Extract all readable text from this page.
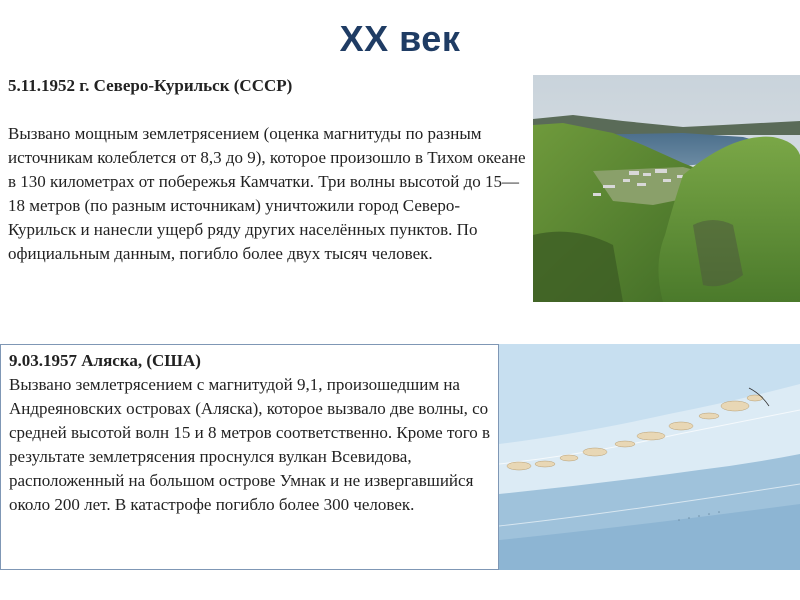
XX век
5.11.1952 г. Северо-Курильск (СССР)
Вызвано мощным землетрясением (оценка магнитуды по разным источникам колеблется от 8,3 до 9), которое произошло в Тихом океане в 130 километрах от побережья Камчатки. Три волны высотой до 15—18 метров (по разным источникам) уничтожили город Северо-Курильск и нанесли ущерб ряду других населённых пунктов. По официальным данным, погибло более двух тысяч человек.
9.03.1957 Аляска, (США)
Вызвано землетрясением с магнитудой 9,1, произошедшим на Андреяновских островах (Аляска), которое вызвало две волны, со средней высотой волн 15 и 8 метров соответственно. Кроме того в результате землетрясения проснулся вулкан Всевидова, расположенный на большом острове Умнак и не извергавшийся около 200 лет. В катастрофе погибло более 300 человек.
